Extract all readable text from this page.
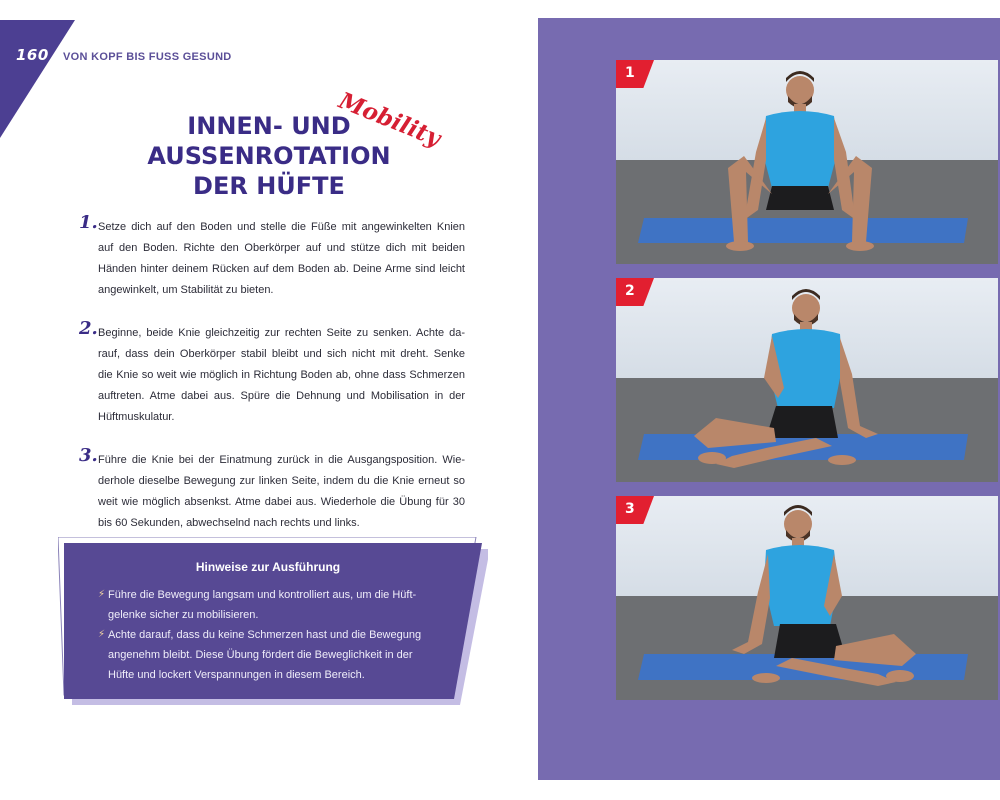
160 VON KOPF BIS FUSS GESUND
Mobility
INNEN- UND
AUSSENROTATION
DER HÜFTE
1. Setze dich auf den Boden und stelle die Füße mit angewinkelten Knien
auf den Boden. Richte den Oberkörper auf und stütze dich mit beiden
Händen hinter deinem Rücken auf dem Boden ab. Deine Arme sind leicht
angewinkelt, um Stabilität zu bieten.
2. Beginne, beide Knie gleichzeitig zur rechten Seite zu senken. Achte da-
rauf, dass dein Oberkörper stabil bleibt und sich nicht mit dreht. Senke
die Knie so weit wie möglich in Richtung Boden ab, ohne dass Schmerzen
auftreten. Atme dabei aus. Spüre die Dehnung und Mobilisation in der
Hüftmuskulatur.
3. Führe die Knie bei der Einatmung zurück in die Ausgangsposition. Wie-
derhole dieselbe Bewegung zur linken Seite, indem du die Knie erneut so
weit wie möglich absenkst. Atme dabei aus. Wiederhole die Übung für 30
bis 60 Sekunden, abwechselnd nach rechts und links.
Hinweise zur Ausführung
⚡ Führe die Bewegung langsam und kontrolliert aus, um die Hüft-
gelenke sicher zu mobilisieren.
⚡ Achte darauf, dass du keine Schmerzen hast und die Bewegung
angenehm bleibt. Diese Übung fördert die Beweglichkeit in der
Hüfte und lockert Verspannungen in diesem Bereich.
1
2
3
